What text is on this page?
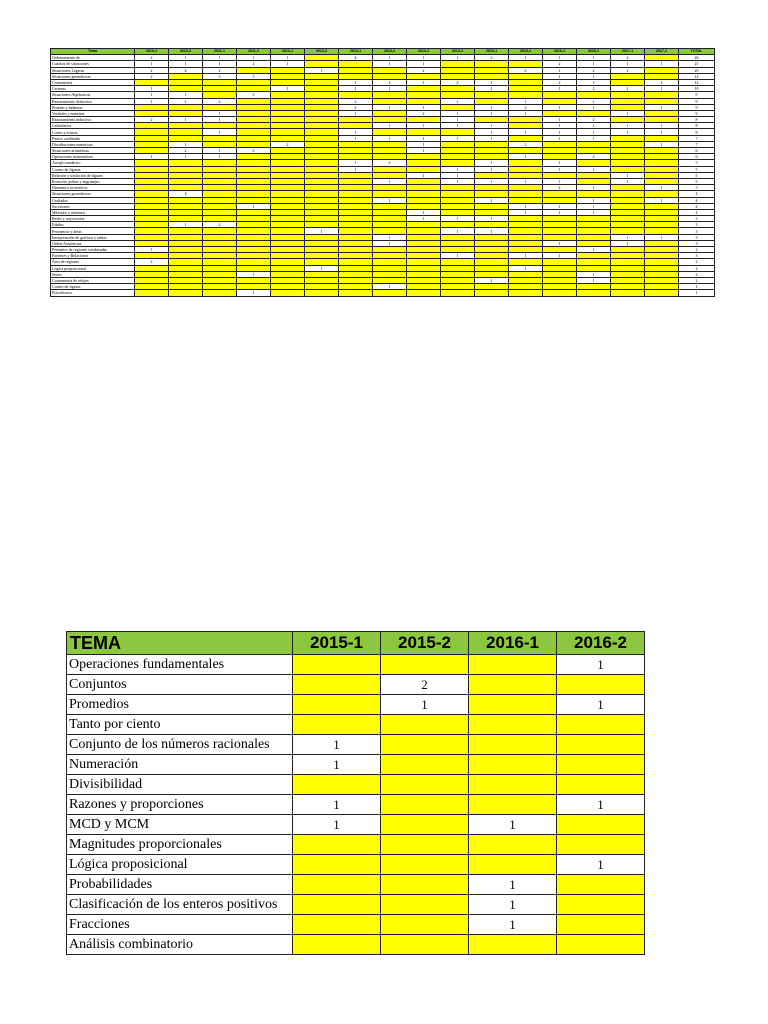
Tema	2010-1	2010-2	2011-1	2011-2	2012-1	2012-2	2013-1	2013-2	2014-1	2014-2	2015-1	2015-2	2016-1	2016-2	2017-1	2017-2	TOTAL
Ordenamiento de	2	1	1	1	1		4	1	1	1	2	1	1	1	2		26
Cuadros de situaciones	1	1	1	2	1			1	1				2	1	1	1	21
Situaciones Lógicas	2	4	2			1			2			2	1	2	2		20
Situaciones geométricas	2		5	5									1	1			14
Cronometría							1	2	1	2	1		2	1		2	12
Certezas	1				1		1	1			1		1	2	1	1	10
Situaciones Algebraicas	1	1		3													9
Razonamiento deductivo	1	1	2				2			1		1		1			9
Pesadas y balanzas							2	1	1		1	2	1	1		1	9
Verdades y mentiras			1				1		2	1	1	1			1		9
Razonamiento inductivo	2	1	1							1			1	2			8
Calendarios								1	1	1	1		1	1	1	1	8
Cortes y estacas			1				1				1	1	1	1	1	1	8
Puntos cardinales							1	1	1	1	1		1	1			7
Distribuciones numéricas		1			2				1			2				1	7
Situaciones aritméticas		2	1	2					1								6
Operaciones matemáticas	1	1	1									1		2			6
Arreglo numérico							1	2			1		1				5
Conteo de figuras							1			1	1		1	1			5
Relación y traslación de figuras									1	1					1		5
Rotación, poleas y engranajes								1		1	1	1	1		1		5
Elementos recreativos													2	1		1	5
Situaciones geométricas		4															4
Grafiados								1			1			1		1	4
Sucesiones				1								1	1	1			4
Máximos y mínimos									1			1	1	1			4
Redes y trayectorias									1	1	1						3
Edades		1	2														3
Perímetros y áreas						1				1	1						3
Interpretación de gráficos y tablas								1							1	1	3
Orden/Asistencias								1					1		1		3
Perímetro de regiones sombreadas	1													1			2
Parientes y Relaciones										1		1	1				3
Área de regiones	2																2
Lógica proposicional						1						1					2
Series				1										1			2
Cronometría de relojes											1			1			2
Conteo de figuras								1									1
Psicotécnico				1													1
TEMA	2015-1	2015-2	2016-1	2016-2
Operaciones fundamentales				1
Conjuntos		2		
Promedios		1		1
Tanto por ciento				
Conjunto de los números racionales	1			
Numeración	1			
Divisibilidad				
Razones y proporciones	1			1
MCD y MCM	1		1	
Magnitudes proporcionales				
Lógica proposicional				1
Probabilidades			1	
Clasificación de los enteros positivos			1	
Fracciones			1	
Análisis combinatorio				
